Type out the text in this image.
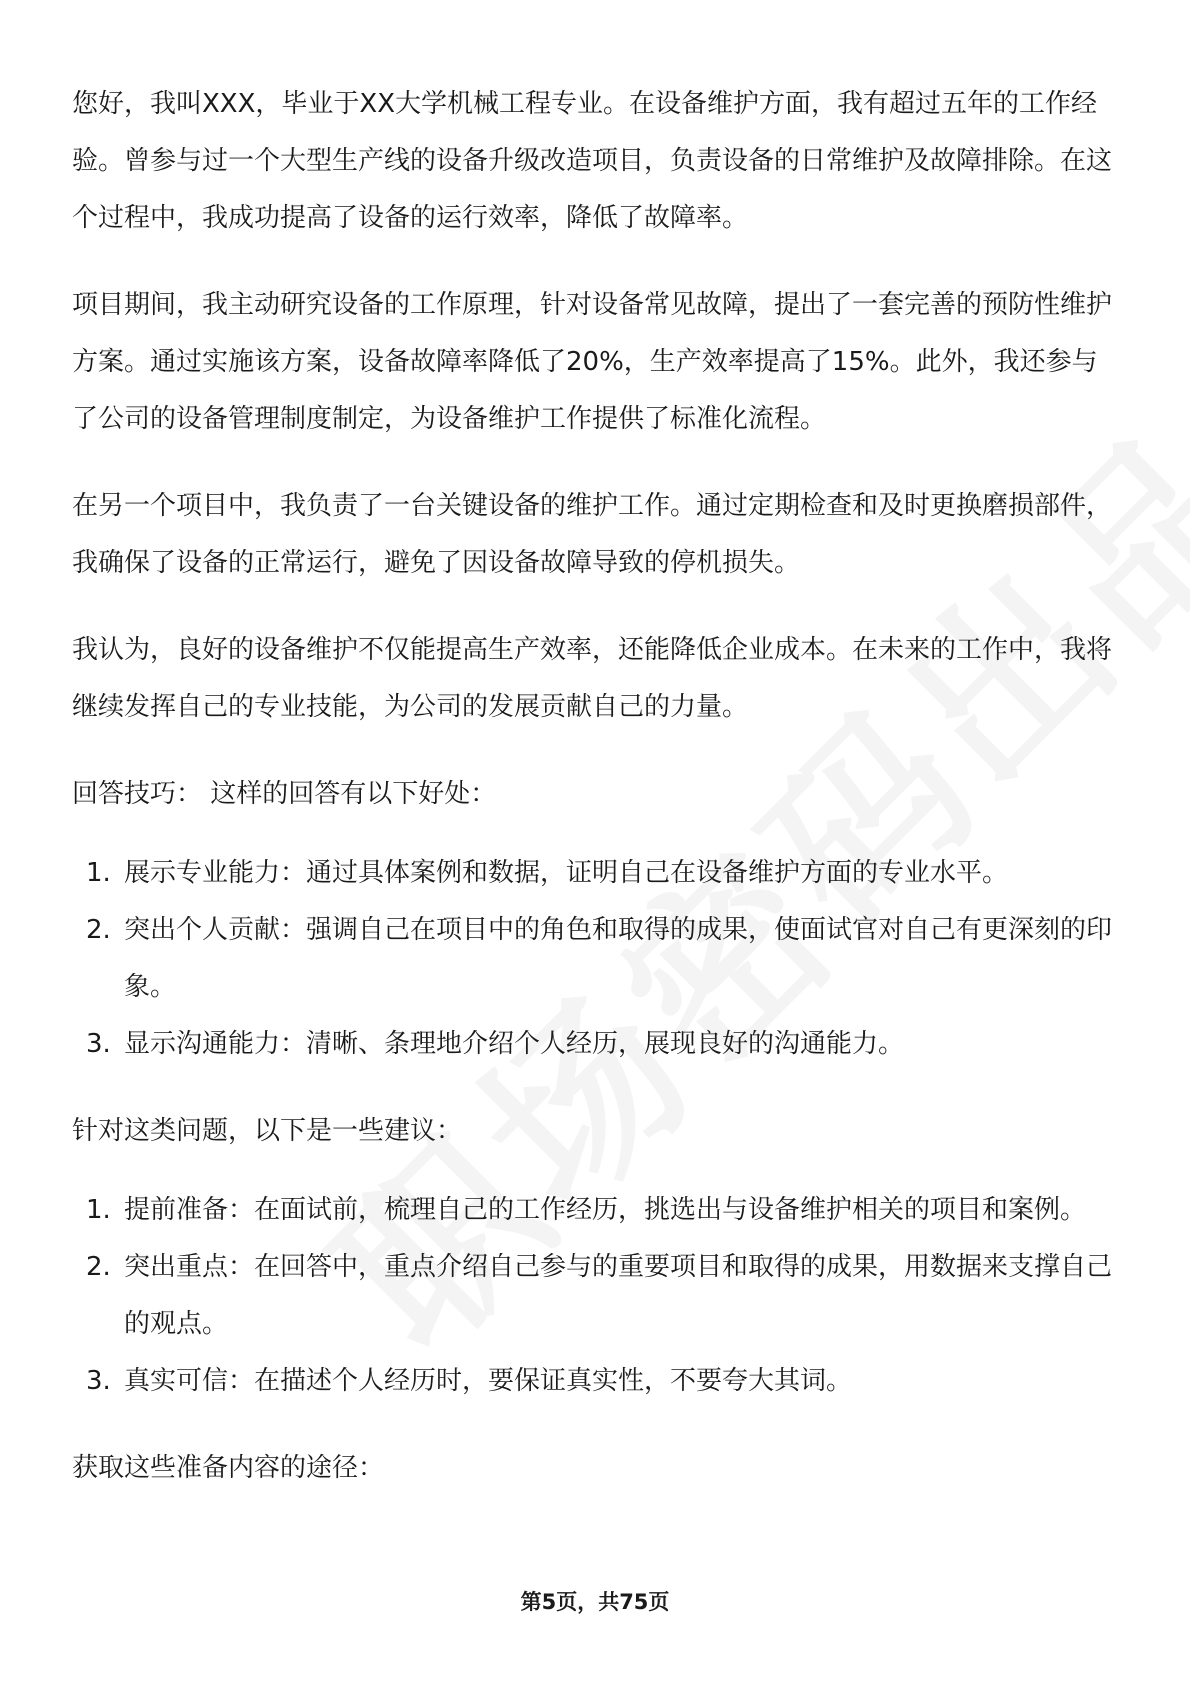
您好，我叫XXX，毕业于XX大学机械工程专业。在设备维护方面，我有超过五年的工作经验。曾参与过一个大型生产线的设备升级改造项目，负责设备的日常维护及故障排除。在这个过程中，我成功提高了设备的运行效率，降低了故障率。

项目期间，我主动研究设备的工作原理，针对设备常见故障，提出了一套完善的预防性维护方案。通过实施该方案，设备故障率降低了20%，生产效率提高了15%。此外，我还参与了公司的设备管理制度制定，为设备维护工作提供了标准化流程。

在另一个项目中，我负责了一台关键设备的维护工作。通过定期检查和及时更换磨损部件，我确保了设备的正常运行，避免了因设备故障导致的停机损失。

我认为，良好的设备维护不仅能提高生产效率，还能降低企业成本。在未来的工作中，我将继续发挥自己的专业技能，为公司的发展贡献自己的力量。

回答技巧： 这样的回答有以下好处：

1. 展示专业能力：通过具体案例和数据，证明自己在设备维护方面的专业水平。
2. 突出个人贡献：强调自己在项目中的角色和取得的成果，使面试官对自己有更深刻的印象。
3. 显示沟通能力：清晰、条理地介绍个人经历，展现良好的沟通能力。

针对这类问题，以下是一些建议：

1. 提前准备：在面试前，梳理自己的工作经历，挑选出与设备维护相关的项目和案例。
2. 突出重点：在回答中，重点介绍自己参与的重要项目和取得的成果，用数据来支撑自己的观点。
3. 真实可信：在描述个人经历时，要保证真实性，不要夸大其词。

获取这些准备内容的途径：

第5页，共75页
